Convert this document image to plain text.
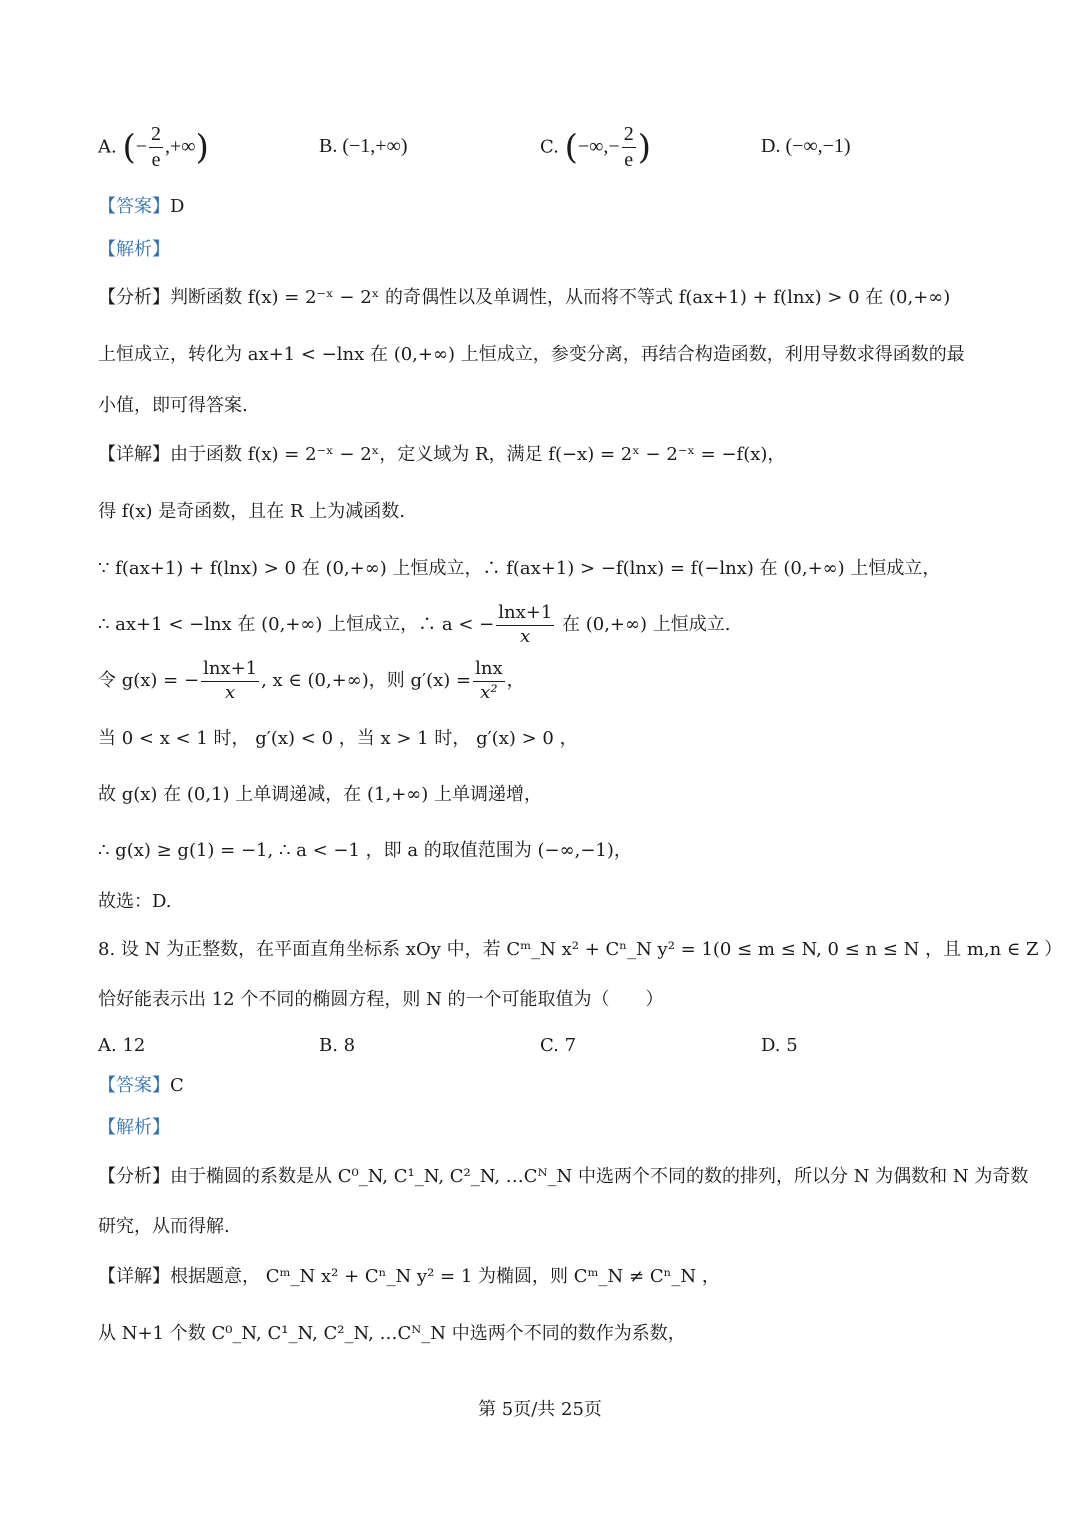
A. (− $\frac{2}{e}$ ,+∞)	B. (−1,+∞)	C. (−∞,− $\frac{2}{e}$ )	D. (−∞,−1)
【答案】D
【解析】
【分析】判断函数 f(x) = 2⁻ˣ − 2ˣ 的奇偶性以及单调性，从而将不等式 f(ax+1) + f(lnx) > 0 在 (0,+∞)
上恒成立，转化为 ax+1 < −lnx 在 (0,+∞) 上恒成立，参变分离，再结合构造函数，利用导数求得函数的最
小值，即可得答案.
【详解】由于函数 f(x) = 2⁻ˣ − 2ˣ，定义域为 R，满足 f(−x) = 2ˣ − 2⁻ˣ = −f(x)，
得 f(x) 是奇函数，且在 R 上为减函数.
∵ f(ax+1) + f(lnx) > 0 在 (0,+∞) 上恒成立，∴ f(ax+1) > −f(lnx) = f(−lnx) 在 (0,+∞) 上恒成立，
∴ ax+1 < −lnx 在 (0,+∞) 上恒成立，∴ a < − $\frac{\ln x+1}{x}$ 在 (0,+∞) 上恒成立.
令 g(x) = − $\frac{\ln x+1}{x}$ , x ∈ (0,+∞)，则 $g'(x) = \frac{\ln x}{\text{x²}}$ ，
当 0 < x < 1 时， g′(x) < 0 ，当 x > 1 时， g′(x) > 0 ，
故 g(x) 在 (0,1) 上单调递减，在 (1,+∞) 上单调递增，
∴ g(x) ≥ g(1) = −1, ∴ a < −1 ，即 a 的取值范围为 (−∞,−1)，
故选：D.
8. 设 N 为正整数，在平面直角坐标系 xOy 中，若 Cᵐ_N x² + Cⁿ_N y² = 1(0 ≤ m ≤ N, 0 ≤ n ≤ N ，且 m,n ∈ Z ）
恰好能表示出 12 个不同的椭圆方程，则 N 的一个可能取值为（　　）
A. 12	B. 8	C. 7	D. 5
【答案】C
【解析】
【分析】由于椭圆的系数是从 C⁰_N, C¹_N, C²_N, …Cᴺ_N 中选两个不同的数的排列，所以分 N 为偶数和 N 为奇数
研究，从而得解.
【详解】根据题意， Cᵐ_N x² + Cⁿ_N y² = 1 为椭圆，则 Cᵐ_N ≠ Cⁿ_N ，
从 N+1 个数 C⁰_N, C¹_N, C²_N, …Cᴺ_N 中选两个不同的数作为系数，
第 5页/共 25页
